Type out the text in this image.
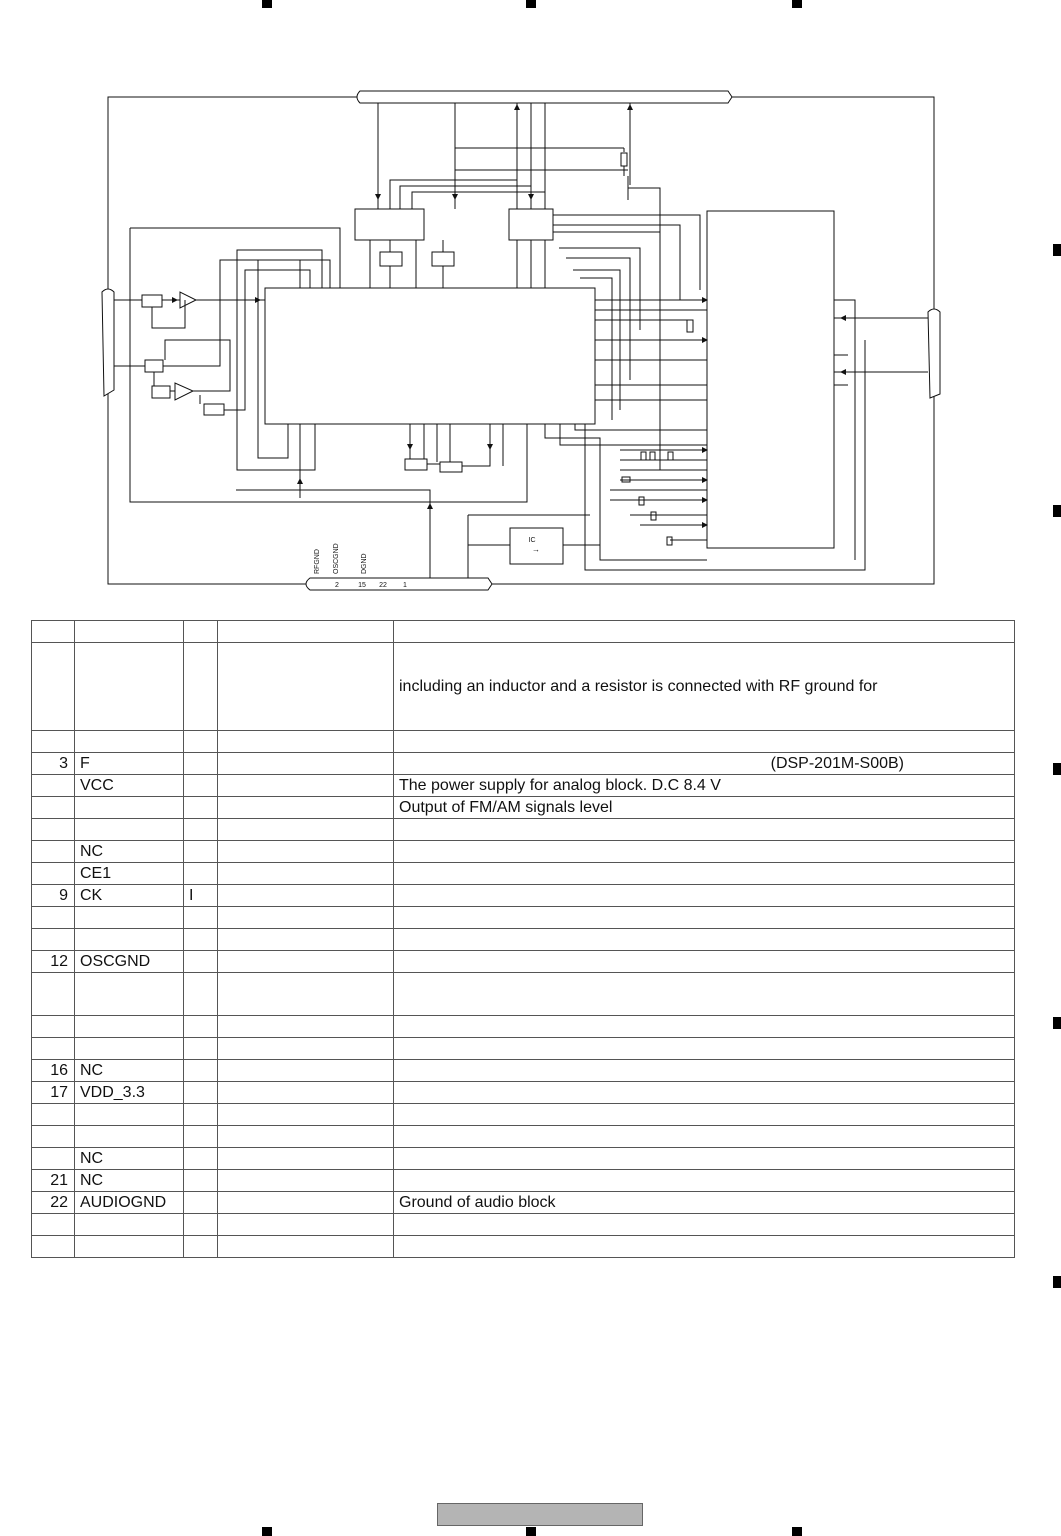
IC
→
RFGND OSCGND	DGND
2	15 22 1

				including an inductor and a resistor is connected with RF ground for

3	F			(DSP-201M-S00B)
	VCC			The power supply for analog block. D.C 8.4 V
				Output of FM/AM signals level

	NC			
	CE1			
9	CK	I		

12	OSCGND			

16	NC			
17	VDD_3.3			

	NC			
21	NC			
22	AUDIOGND			Ground of audio block
